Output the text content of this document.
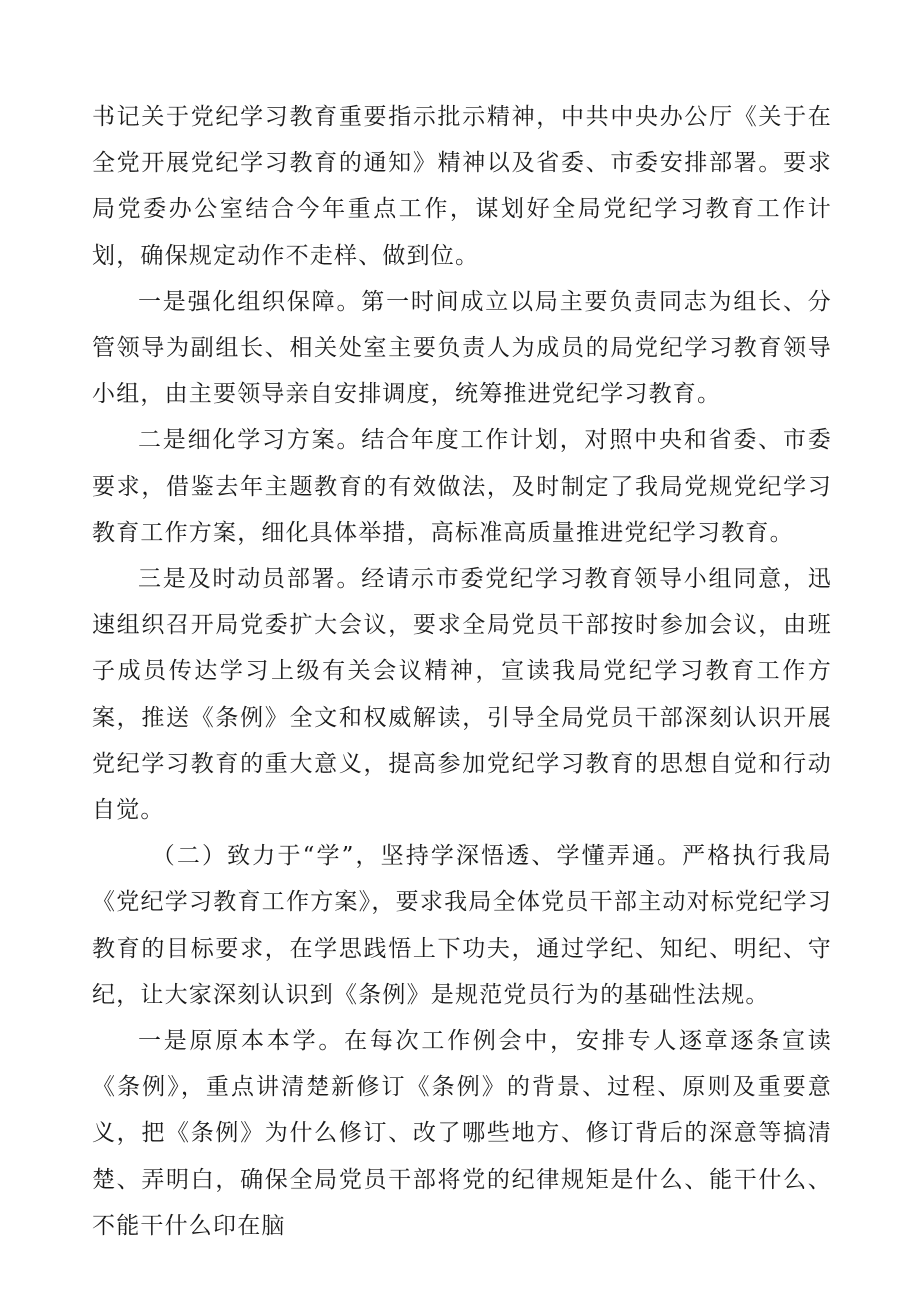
书记关于党纪学习教育重要指示批示精神，中共中央办公厅《关于在全党开展党纪学习教育的通知》精神以及省委、市委安排部署。要求局党委办公室结合今年重点工作，谋划好全局党纪学习教育工作计划，确保规定动作不走样、做到位。

一是强化组织保障。第一时间成立以局主要负责同志为组长、分管领导为副组长、相关处室主要负责人为成员的局党纪学习教育领导小组，由主要领导亲自安排调度，统筹推进党纪学习教育。

二是细化学习方案。结合年度工作计划，对照中央和省委、市委要求，借鉴去年主题教育的有效做法，及时制定了我局党规党纪学习教育工作方案，细化具体举措，高标准高质量推进党纪学习教育。

三是及时动员部署。经请示市委党纪学习教育领导小组同意，迅速组织召开局党委扩大会议，要求全局党员干部按时参加会议，由班子成员传达学习上级有关会议精神，宣读我局党纪学习教育工作方案，推送《条例》全文和权威解读，引导全局党员干部深刻认识开展党纪学习教育的重大意义，提高参加党纪学习教育的思想自觉和行动自觉。

（二）致力于“学”，坚持学深悟透、学懂弄通。严格执行我局《党纪学习教育工作方案》，要求我局全体党员干部主动对标党纪学习教育的目标要求，在学思践悟上下功夫，通过学纪、知纪、明纪、守纪，让大家深刻认识到《条例》是规范党员行为的基础性法规。

一是原原本本学。在每次工作例会中，安排专人逐章逐条宣读《条例》，重点讲清楚新修订《条例》的背景、过程、原则及重要意义，把《条例》为什么修订、改了哪些地方、修订背后的深意等搞清楚、弄明白，确保全局党员干部将党的纪律规矩是什么、能干什么、不能干什么印在脑
